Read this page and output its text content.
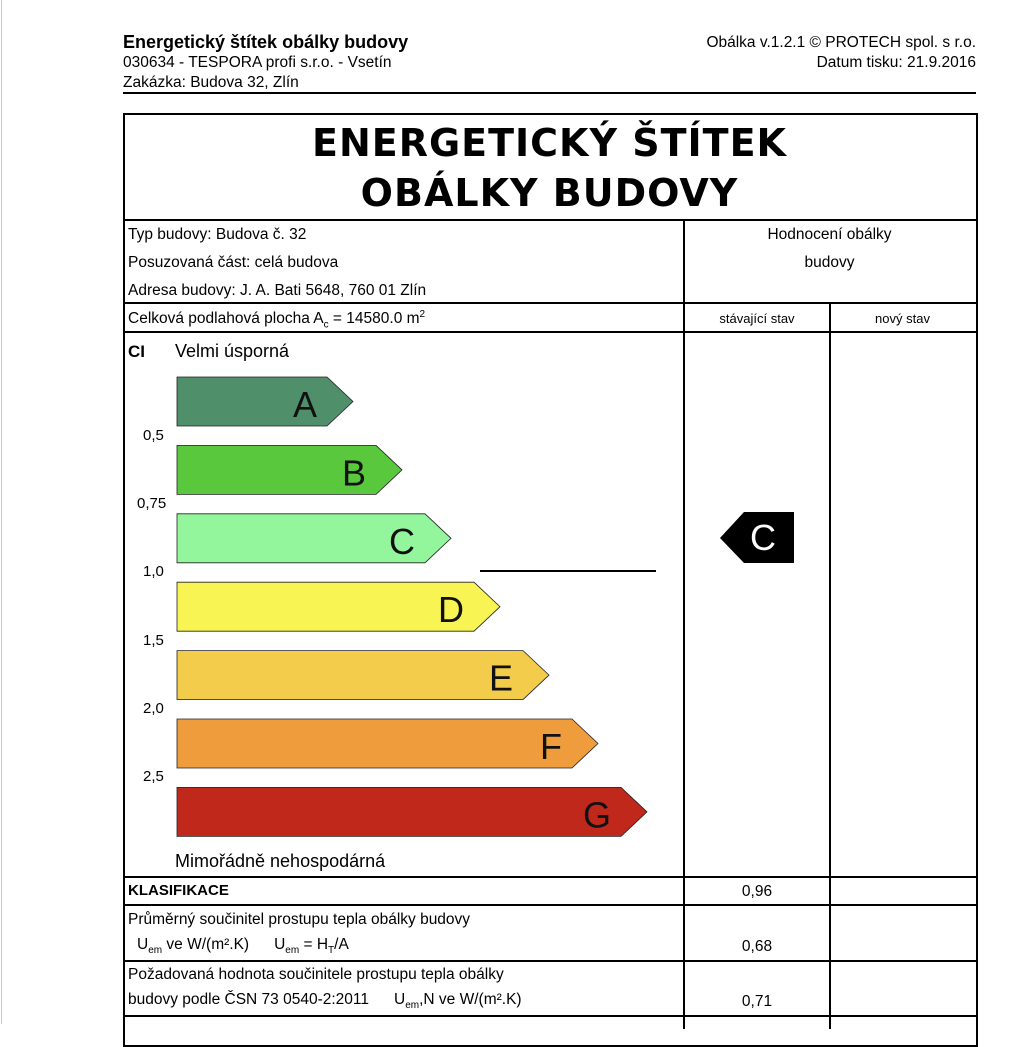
Energetický štítek obálky budovy
030634 - TESPORA profi s.r.o. - Vsetín
Zakázka: Budova 32, Zlín
Obálka v.1.2.1 © PROTECH spol. s r.o.
Datum tisku: 21.9.2016
ENERGETICKÝ ŠTÍTEK
OBÁLKY BUDOVY
Typ budovy: Budova č. 32
Posuzovaná část: celá budova
Adresa budovy: J. A. Bati 5648, 760 01 Zlín
Hodnocení obálky
budovy
Celková podlahová plocha $A_c = 14580.0$ $m^2$	stávající stav	nový stav
CI Velmi úsporná
Mimořádně nehospodárná
0,5
0,75
1,0
1,5
2,0
2,5
A
B
C
D
E
F
G
C
KLASIFIKACE	0,96
Průměrný součinitel prostupu tepla obálky budovy
$U_{em}$ ve W/(m².K) $U_{em} = H_T/A$	0,68
Požadovaná hodnota součinitele prostupu tepla obálky
budovy podle ČSN 73 0540-2:2011 $U_{em},N$ ve W/(m².K)	0,71
